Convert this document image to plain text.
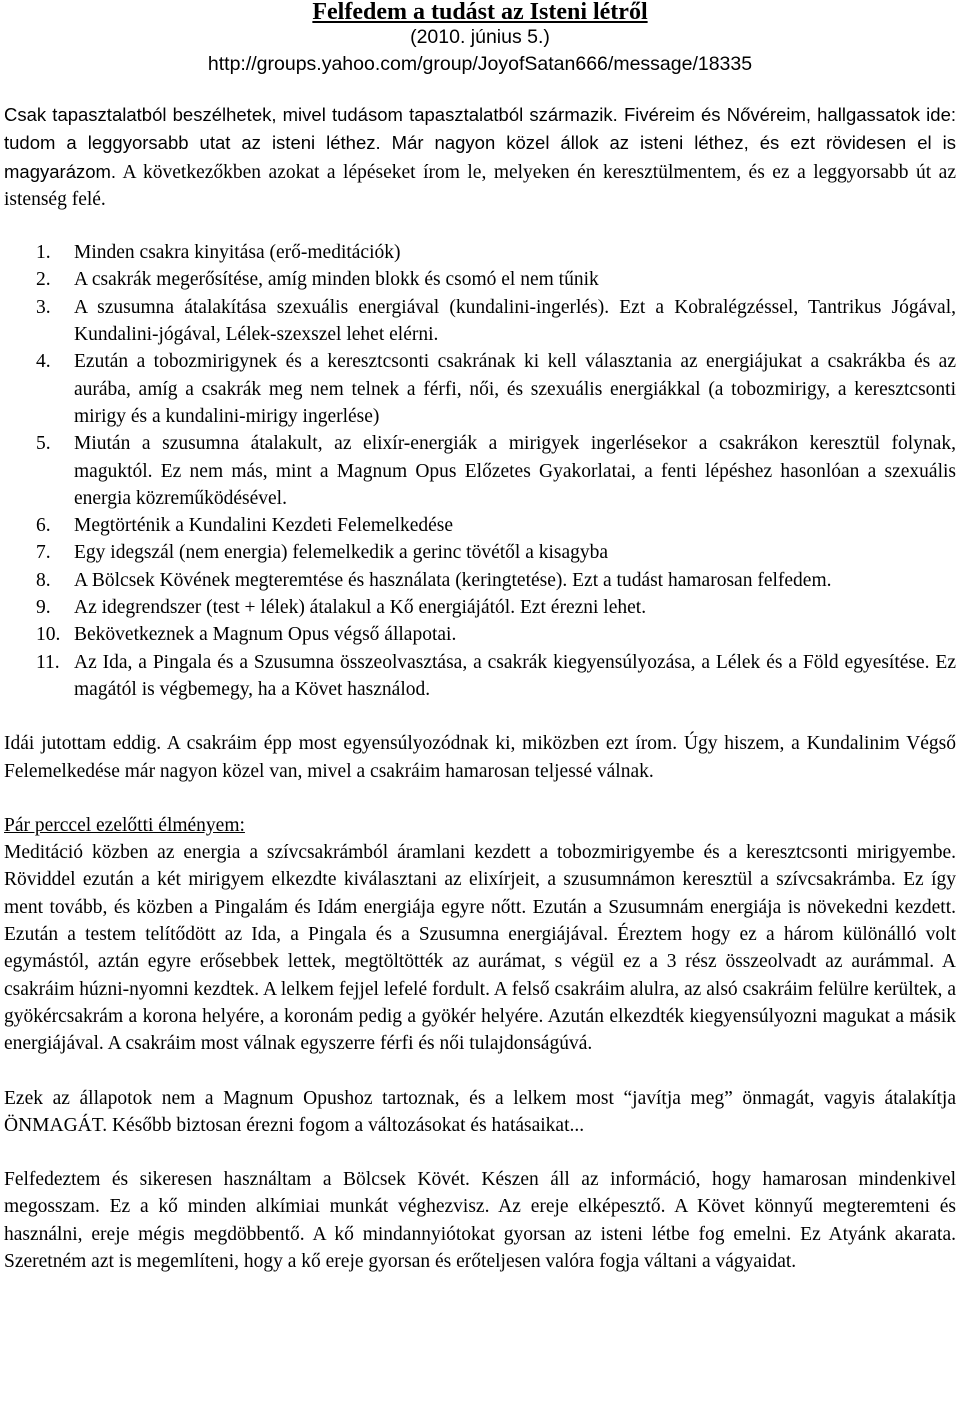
Felfedem a tudást az Isteni létről
(2010. június 5.)
http://groups.yahoo.com/group/JoyofSatan666/message/18335

Csak tapasztalatból beszélhetek, mivel tudásom tapasztalatból származik. Fivéreim és Nővéreim, hallgassatok ide: tudom a leggyorsabb utat az isteni léthez. Már nagyon közel állok az isteni léthez, és ezt rövidesen el is magyarázom. A következőkben azokat a lépéseket írom le, melyeken én keresztülmentem, és ez a leggyorsabb út az istenség felé.

1.	Minden csakra kinyitása (erő-meditációk)
2.	A csakrák megerősítése, amíg minden blokk és csomó el nem tűnik
3.	A szusumna átalakítása szexuális energiával (kundalini-ingerlés). Ezt a Kobralégzéssel, Tantrikus Jógával, Kundalini-jógával, Lélek-szexszel lehet elérni.
4.	Ezután a tobozmirigynek és a keresztcsonti csakrának ki kell választania az energiájukat a csakrákba és az aurába, amíg a csakrák meg nem telnek a férfi, női, és szexuális energiákkal (a tobozmirigy, a keresztcsonti mirigy és a kundalini-mirigy ingerlése)
5.	Miután a szusumna átalakult, az elixír-energiák a mirigyek ingerlésekor a csakrákon keresztül folynak, maguktól. Ez nem más, mint a Magnum Opus Előzetes Gyakorlatai, a fenti lépéshez hasonlóan a szexuális energia közreműködésével.
6.	Megtörténik a Kundalini Kezdeti Felemelkedése
7.	Egy idegszál (nem energia) felemelkedik a gerinc tövétől a kisagyba
8.	A Bölcsek Kövének megteremtése és használata (keringtetése). Ezt a tudást hamarosan felfedem.
9.	Az idegrendszer (test + lélek) átalakul a Kő energiájától. Ezt érezni lehet.
10. Bekövetkeznek a Magnum Opus végső állapotai.
11. Az Ida, a Pingala és a Szusumna összeolvasztása, a csakrák kiegyensúlyozása, a Lélek és a Föld egyesítése. Ez magától is végbemegy, ha a Követ használod.

Idái jutottam eddig. A csakráim épp most egyensúlyozódnak ki, miközben ezt írom. Úgy hiszem, a Kundalinim Végső Felemelkedése már nagyon közel van, mivel a csakráim hamarosan teljessé válnak.

Pár perccel ezelőtti élményem:

Meditáció közben az energia a szívcsakrámból áramlani kezdett a tobozmirigyembe és a keresztcsonti mirigyembe. Röviddel ezután a két mirigyem elkezdte kiválasztani az elixírjeit, a szusumnámon keresztül a szívcsakrámba. Ez így ment tovább, és közben a Pingalám és Idám energiája egyre nőtt. Ezután a Szusumnám energiája is növekedni kezdett. Ezután a testem telítődött az Ida, a Pingala és a Szusumna energiájával. Éreztem hogy ez a három különálló volt egymástól, aztán egyre erősebbek lettek, megtöltötték az aurámat, s végül ez a 3 rész összeolvadt az aurámmal. A csakráim húzni-nyomni kezdtek. A lelkem fejjel lefelé fordult. A felső csakráim alulra, az alsó csakráim felülre kerültek, a gyökércsakrám a korona helyére, a koronám pedig a gyökér helyére. Azután elkezdték kiegyensúlyozni magukat a másik energiájával. A csakráim most válnak egyszerre férfi és női tulajdonságúvá.

Ezek az állapotok nem a Magnum Opushoz tartoznak, és a lelkem most “javítja meg” önmagát, vagyis átalakítja ÖNMAGÁT. Később biztosan érezni fogom a változásokat és hatásaikat...

Felfedeztem és sikeresen használtam a Bölcsek Kövét. Készen áll az információ, hogy hamarosan mindenkivel megosszam. Ez a kő minden alkímiai munkát véghezvisz. Az ereje elképesztő. A Követ könnyű megteremteni és használni, ereje mégis megdöbbentő. A kő mindannyiótokat gyorsan az isteni létbe fog emelni. Ez Atyánk akarata. Szeretném azt is megemlíteni, hogy a kő ereje gyorsan és erőteljesen valóra fogja váltani a vágyaidat.
